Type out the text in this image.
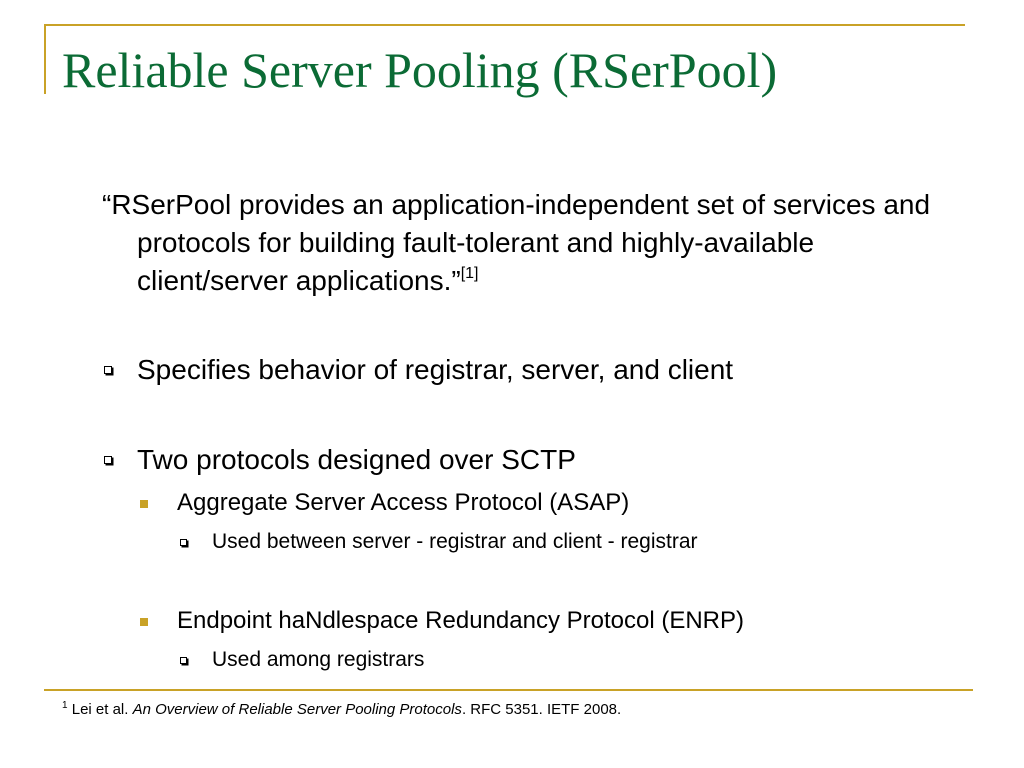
Reliable Server Pooling (RSerPool)
“RSerPool provides an application-independent set of services and protocols for building fault-tolerant and highly-available client/server applications.”[1]
Specifies behavior of registrar, server, and client
Two protocols designed over SCTP
Aggregate Server Access Protocol (ASAP)
Used between server - registrar and client - registrar
Endpoint haNdlespace Redundancy Protocol (ENRP)
Used among registrars
$^1$ Lei et al. An Overview of Reliable Server Pooling Protocols. RFC 5351. IETF 2008.
